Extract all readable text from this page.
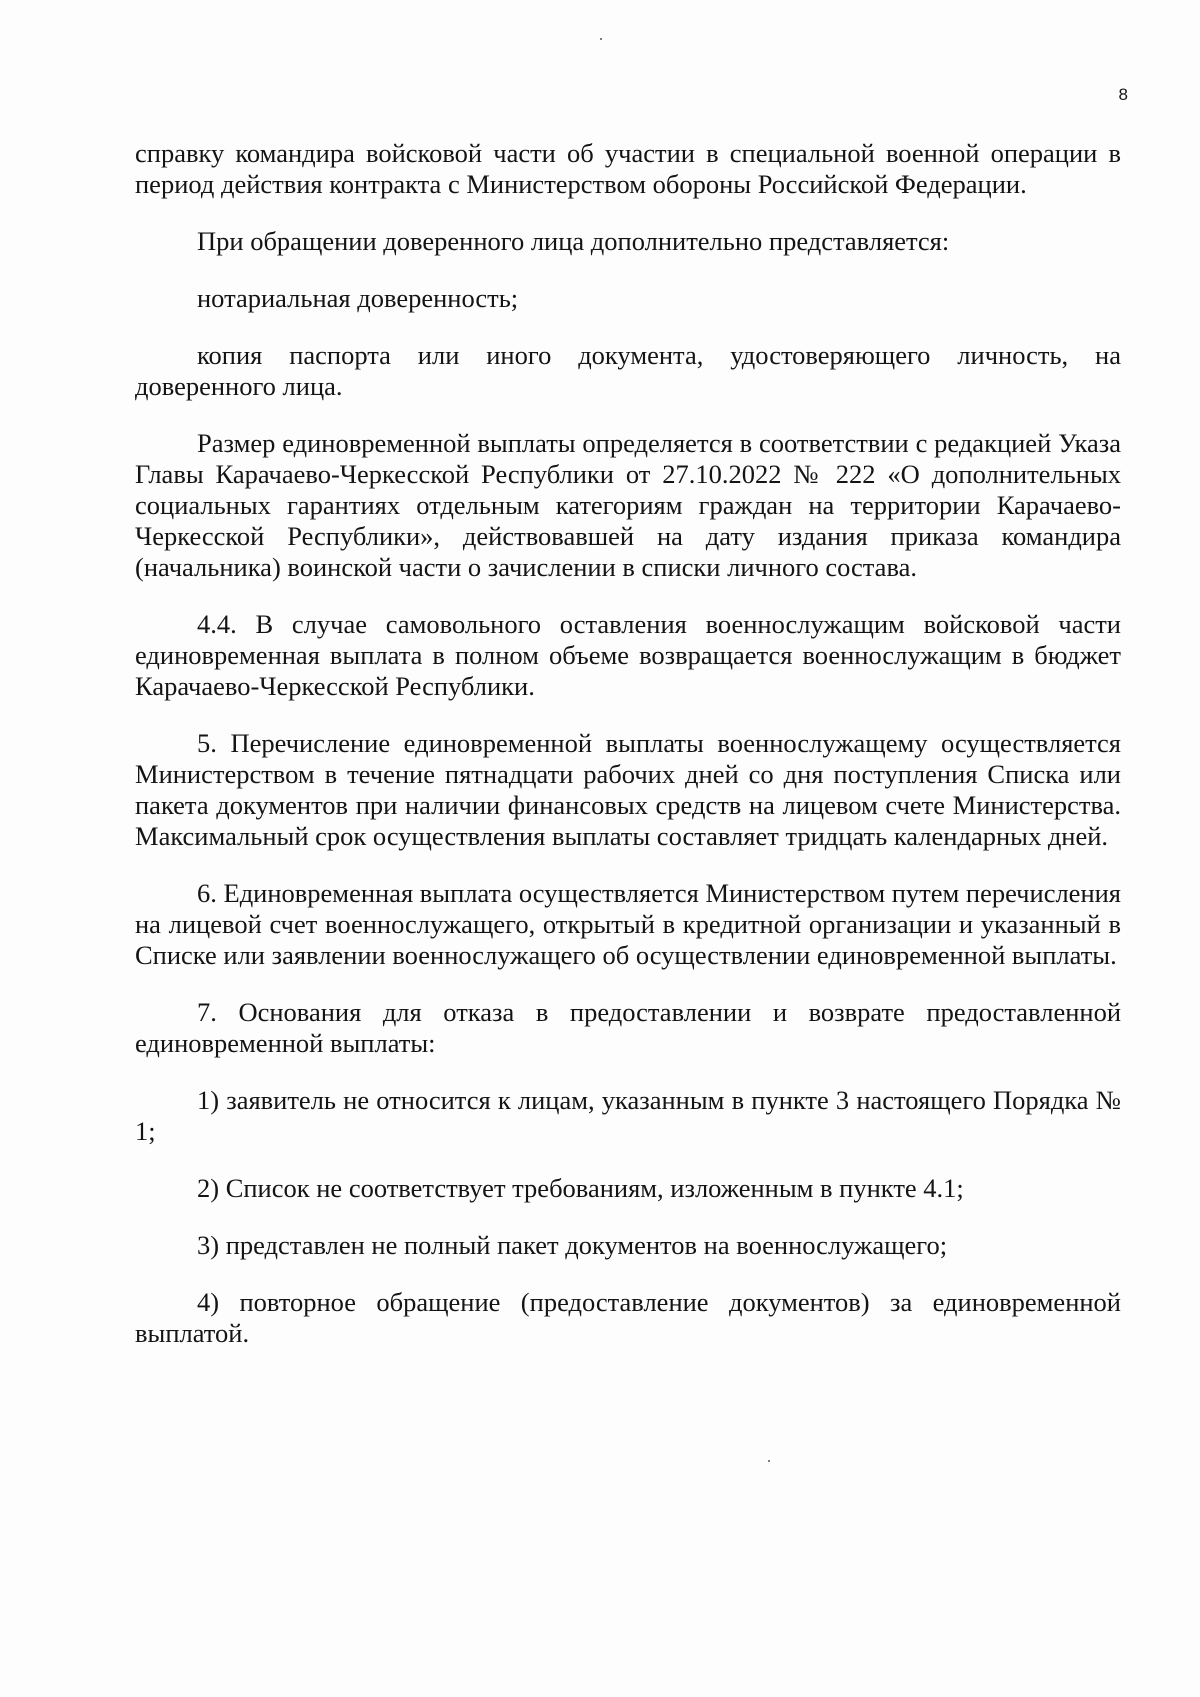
8

справку командира войсковой части об участии в специальной военной операции в период действия контракта с Министерством обороны Российской Федерации.

При обращении доверенного лица дополнительно представляется:

нотариальная доверенность;

копия паспорта или иного документа, удостоверяющего личность, на доверенного лица.

Размер единовременной выплаты определяется в соответствии с редакцией Указа Главы Карачаево-Черкесской Республики от 27.10.2022 № 222 «О дополнительных социальных гарантиях отдельным категориям граждан на территории Карачаево-Черкесской Республики», действовавшей на дату издания приказа командира (начальника) воинской части о зачислении в списки личного состава.

4.4. В случае самовольного оставления военнослужащим войсковой части единовременная выплата в полном объеме возвращается военнослужащим в бюджет Карачаево-Черкесской Республики.

5. Перечисление единовременной выплаты военнослужащему осуществляется Министерством в течение пятнадцати рабочих дней со дня поступления Списка или пакета документов при наличии финансовых средств на лицевом счете Министерства. Максимальный срок осуществления выплаты составляет тридцать календарных дней.

6. Единовременная выплата осуществляется Министерством путем перечисления на лицевой счет военнослужащего, открытый в кредитной организации и указанный в Списке или заявлении военнослужащего об осуществлении единовременной выплаты.

7. Основания для отказа в предоставлении и возврате предоставленной единовременной выплаты:

1) заявитель не относится к лицам, указанным в пункте 3 настоящего Порядка № 1;

2) Список не соответствует требованиям, изложенным в пункте 4.1;

3) представлен не полный пакет документов на военнослужащего;

4) повторное обращение (предоставление документов) за единовременной выплатой.
